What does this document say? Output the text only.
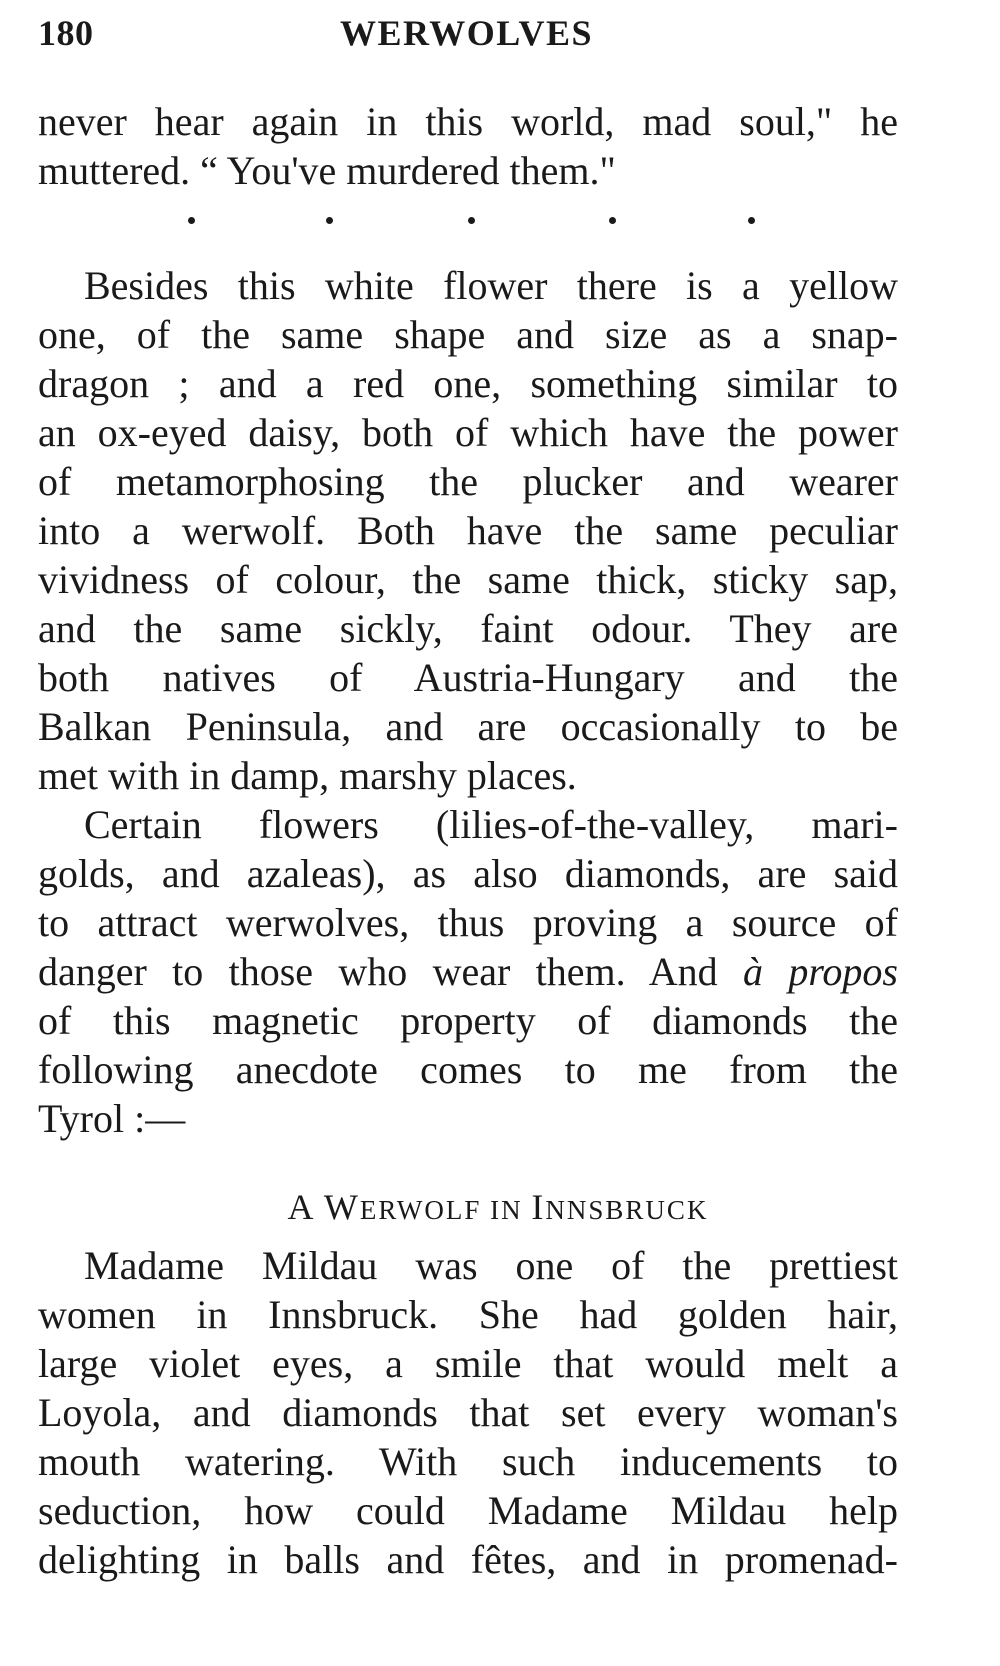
180	WERWOLVES
never hear again in this world, mad soul," he
muttered. “ You've murdered them."
Besides this white flower there is a yellow
one, of the same shape and size as a snap-
dragon ; and a red one, something similar to
an ox-eyed daisy, both of which have the power
of metamorphosing the plucker and wearer
into a werwolf. Both have the same peculiar
vividness of colour, the same thick, sticky sap,
and the same sickly, faint odour. They are
both natives of Austria-Hungary and the
Balkan Peninsula, and are occasionally to be
met with in damp, marshy places.
Certain flowers (lilies-of-the-valley, mari-
golds, and azaleas), as also diamonds, are said
to attract werwolves, thus proving a source of
danger to those who wear them. And à propos
of this magnetic property of diamonds the
following anecdote comes to me from the
Tyrol :—
A WERWOLF IN INNSBRUCK
Madame Mildau was one of the prettiest
women in Innsbruck. She had golden hair,
large violet eyes, a smile that would melt a
Loyola, and diamonds that set every woman's
mouth watering. With such inducements to
seduction, how could Madame Mildau help
delighting in balls and fêtes, and in promenad-
